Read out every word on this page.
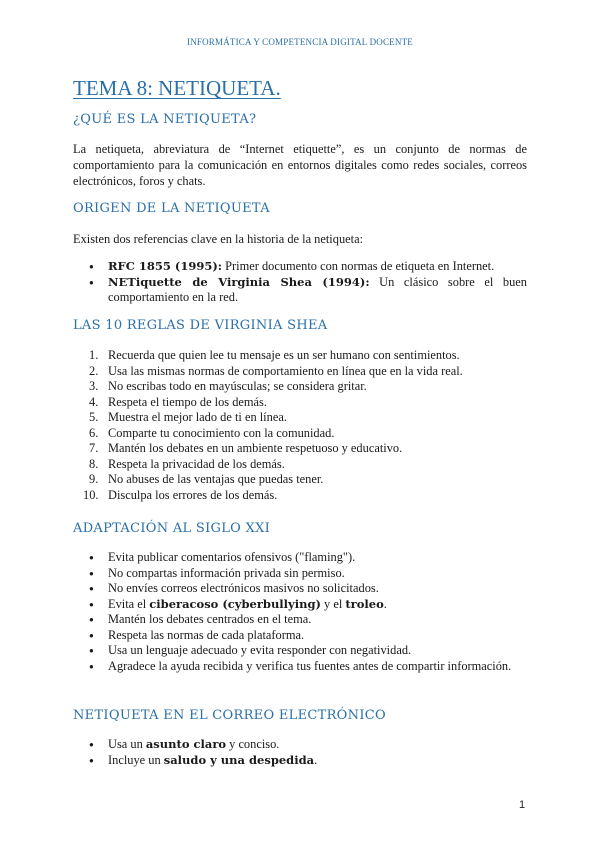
INFORMÁTICA Y COMPETENCIA DIGITAL DOCENTE
TEMA 8: NETIQUETA.
¿QUÉ ES LA NETIQUETA?

La netiqueta, abreviatura de “Internet etiquette”, es un conjunto de normas de comportamiento para la comunicación en entornos digitales como redes sociales, correos electrónicos, foros y chats.

ORIGEN DE LA NETIQUETA

Existen dos referencias clave en la historia de la netiqueta:

● RFC 1855 (1995): Primer documento con normas de etiqueta en Internet.
● NETiquette de Virginia Shea (1994): Un clásico sobre el buen comportamiento en la red.
LAS 10 REGLAS DE VIRGINIA SHEA
1. Recuerda que quien lee tu mensaje es un ser humano con sentimientos.
2. Usa las mismas normas de comportamiento en línea que en la vida real.
3. No escribas todo en mayúsculas; se considera gritar.
4. Respeta el tiempo de los demás.
5. Muestra el mejor lado de ti en línea.
6. Comparte tu conocimiento con la comunidad.
7. Mantén los debates en un ambiente respetuoso y educativo.
8. Respeta la privacidad de los demás.
9. No abuses de las ventajas que puedas tener.
10. Disculpa los errores de los demás.
ADAPTACIÓN AL SIGLO XXI
● Evita publicar comentarios ofensivos ("flaming").
● No compartas información privada sin permiso.
● No envíes correos electrónicos masivos no solicitados.
● Evita el ciberacoso (cyberbullying) y el troleo.
● Mantén los debates centrados en el tema.
● Respeta las normas de cada plataforma.
● Usa un lenguaje adecuado y evita responder con negatividad.
● Agradece la ayuda recibida y verifica tus fuentes antes de compartir información.
NETIQUETA EN EL CORREO ELECTRÓNICO
● Usa un asunto claro y conciso.
● Incluye un saludo y una despedida.
1
